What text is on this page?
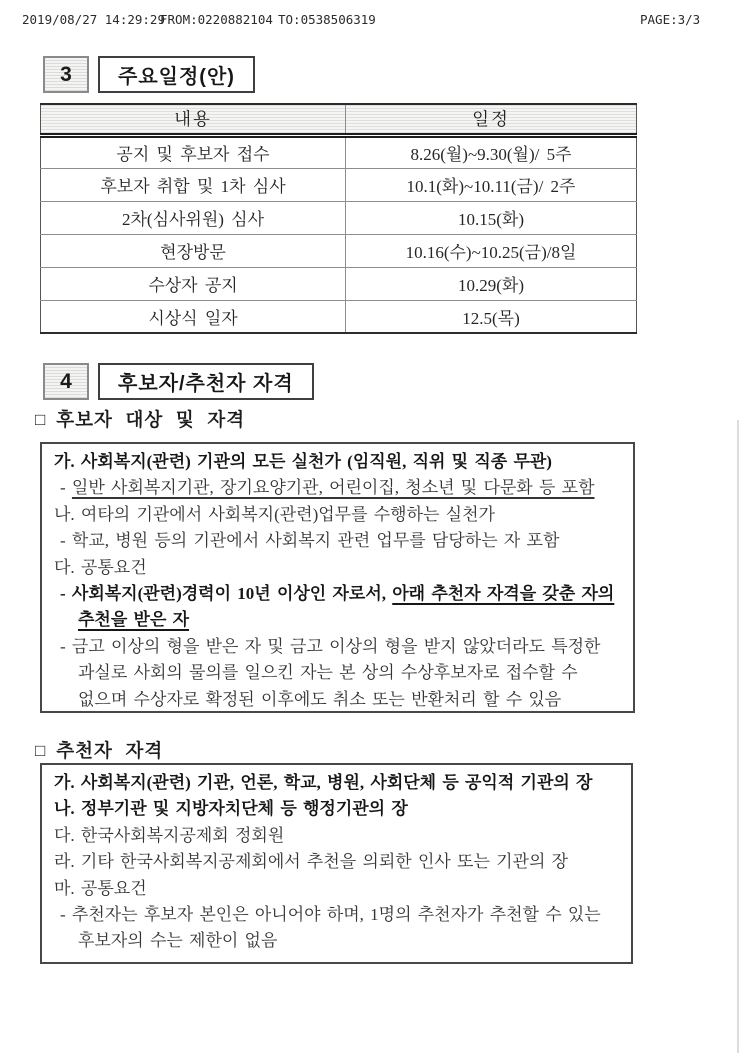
2019/08/27 14:29:29
FROM:0220882104 TO:0538506319	PAGE:3/3
3	주요일정(안)
내용	일정
공지 및 후보자 접수	8.26(월)~9.30(월)/ 5주
후보자 취합 및 1차 심사	10.1(화)~10.11(금)/ 2주
2차(심사위원) 심사	10.15(화)
현장방문	10.16(수)~10.25(금)/8일
수상자 공지	10.29(화)
시상식 일자	12.5(목)
4	후보자/추천자 자격
□ 후보자 대상 및 자격
가. 사회복지(관련) 기관의 모든 실천가 (임직원, 직위 및 직종 무관)
- 일반 사회복지기관, 장기요양기관, 어린이집, 청소년 및 다문화 등 포함
나. 여타의 기관에서 사회복지(관련)업무를 수행하는 실천가
- 학교, 병원 등의 기관에서 사회복지 관련 업무를 담당하는 자 포함
다. 공통요건
- 사회복지(관련)경력이 10년 이상인 자로서, 아래 추천자 자격을 갖춘 자의
추천을 받은 자
- 금고 이상의 형을 받은 자 및 금고 이상의 형을 받지 않았더라도 특정한
과실로 사회의 물의를 일으킨 자는 본 상의 수상후보자로 접수할 수
없으며 수상자로 확정된 이후에도 취소 또는 반환처리 할 수 있음
□ 추천자 자격
가. 사회복지(관련) 기관, 언론, 학교, 병원, 사회단체 등 공익적 기관의 장
나. 정부기관 및 지방자치단체 등 행정기관의 장
다. 한국사회복지공제회 정회원
라. 기타 한국사회복지공제회에서 추천을 의뢰한 인사 또는 기관의 장
마. 공통요건
- 추천자는 후보자 본인은 아니어야 하며, 1명의 추천자가 추천할 수 있는
후보자의 수는 제한이 없음
